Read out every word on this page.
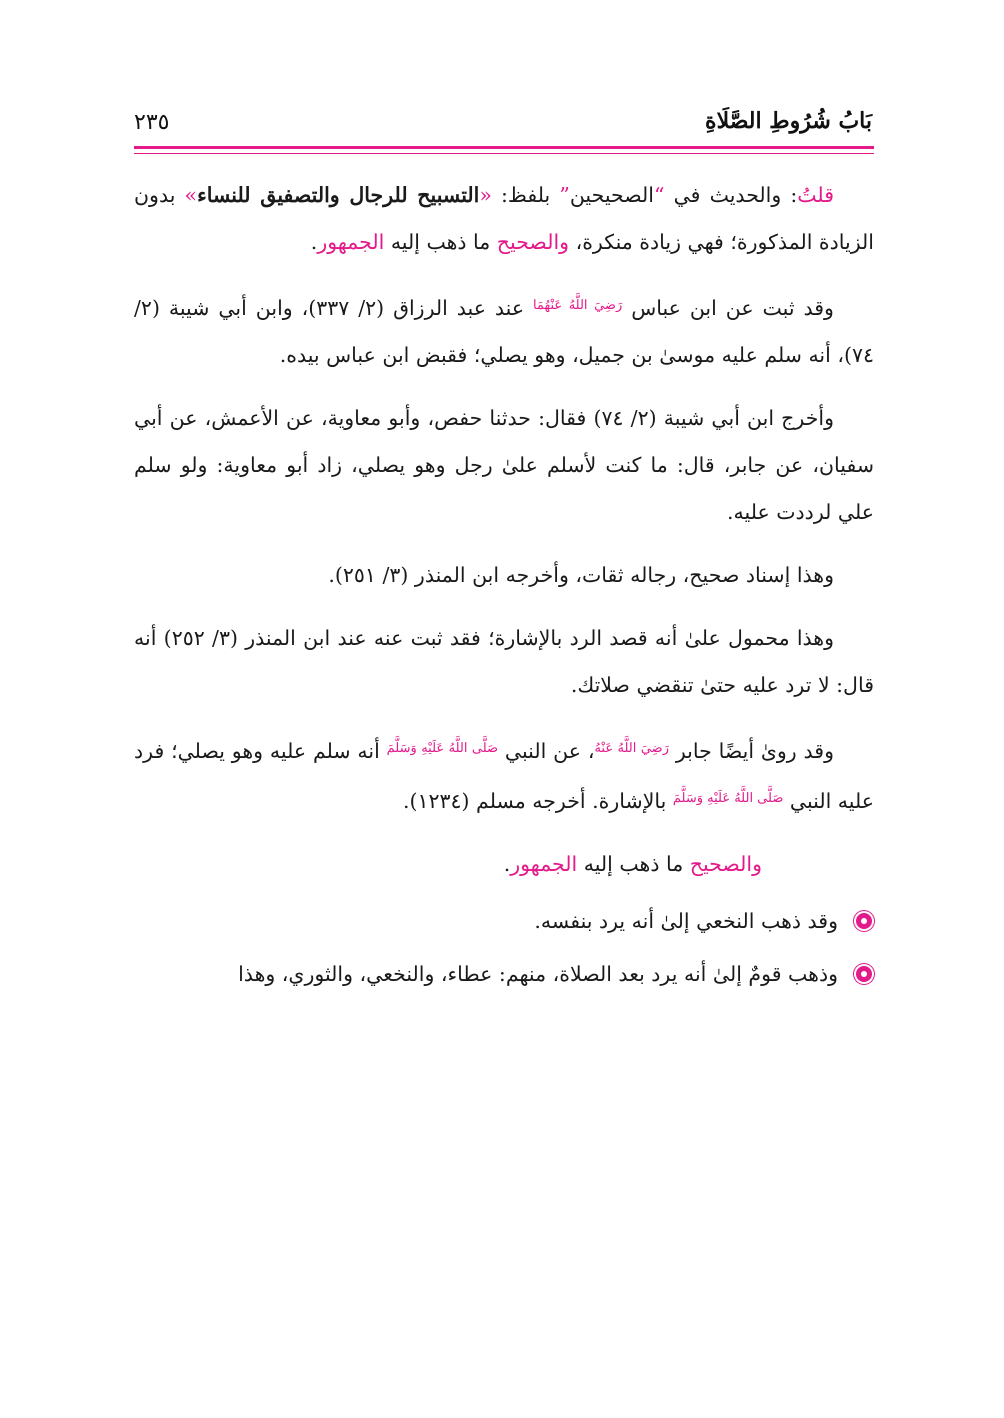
بَابُ شُرُوطِ الصَّلَاةِ
٢٣٥

قلتُ: والحديث في “الصحيحين” بلفظ: «التسبيح للرجال والتصفيق للنساء» بدون الزيادة المذكورة؛ فهي زيادة منكرة، والصحيح ما ذهب إليه الجمهور.

وقد ثبت عن ابن عباس $^{رَضِيَ اللَّهُ عَنْهُمَا}$ عند عبد الرزاق (٢/ ٣٣٧)، وابن أبي شيبة (٢/ ٧٤)، أنه سلم عليه موسىٰ بن جميل، وهو يصلي؛ فقبض ابن عباس بيده.

وأخرج ابن أبي شيبة (٢/ ٧٤) فقال: حدثنا حفص، وأبو معاوية، عن الأعمش، عن أبي سفيان، عن جابر، قال: ما كنت لأسلم علىٰ رجل وهو يصلي، زاد أبو معاوية: ولو سلم علي لرددت عليه.

وهذا إسناد صحيح، رجاله ثقات، وأخرجه ابن المنذر (٣/ ٢٥١).

وهذا محمول علىٰ أنه قصد الرد بالإشارة؛ فقد ثبت عنه عند ابن المنذر (٣/ ٢٥٢) أنه قال: لا ترد عليه حتىٰ تنقضي صلاتك.

وقد روىٰ أيضًا جابر $^{رَضِيَ اللَّهُ عَنْهُ}$، عن النبي $^{صَلَّى اللَّهُ عَلَيْهِ وَسَلَّمَ}$ أنه سلم عليه وهو يصلي؛ فرد عليه النبي $^{صَلَّى اللَّهُ عَلَيْهِ وَسَلَّمَ}$ بالإشارة. أخرجه مسلم (١٢٣٤).

والصحيح ما ذهب إليه الجمهور.

وقد ذهب النخعي إلىٰ أنه يرد بنفسه.

وذهب قومٌ إلىٰ أنه يرد بعد الصلاة، منهم: عطاء، والنخعي، والثوري، وهذا
